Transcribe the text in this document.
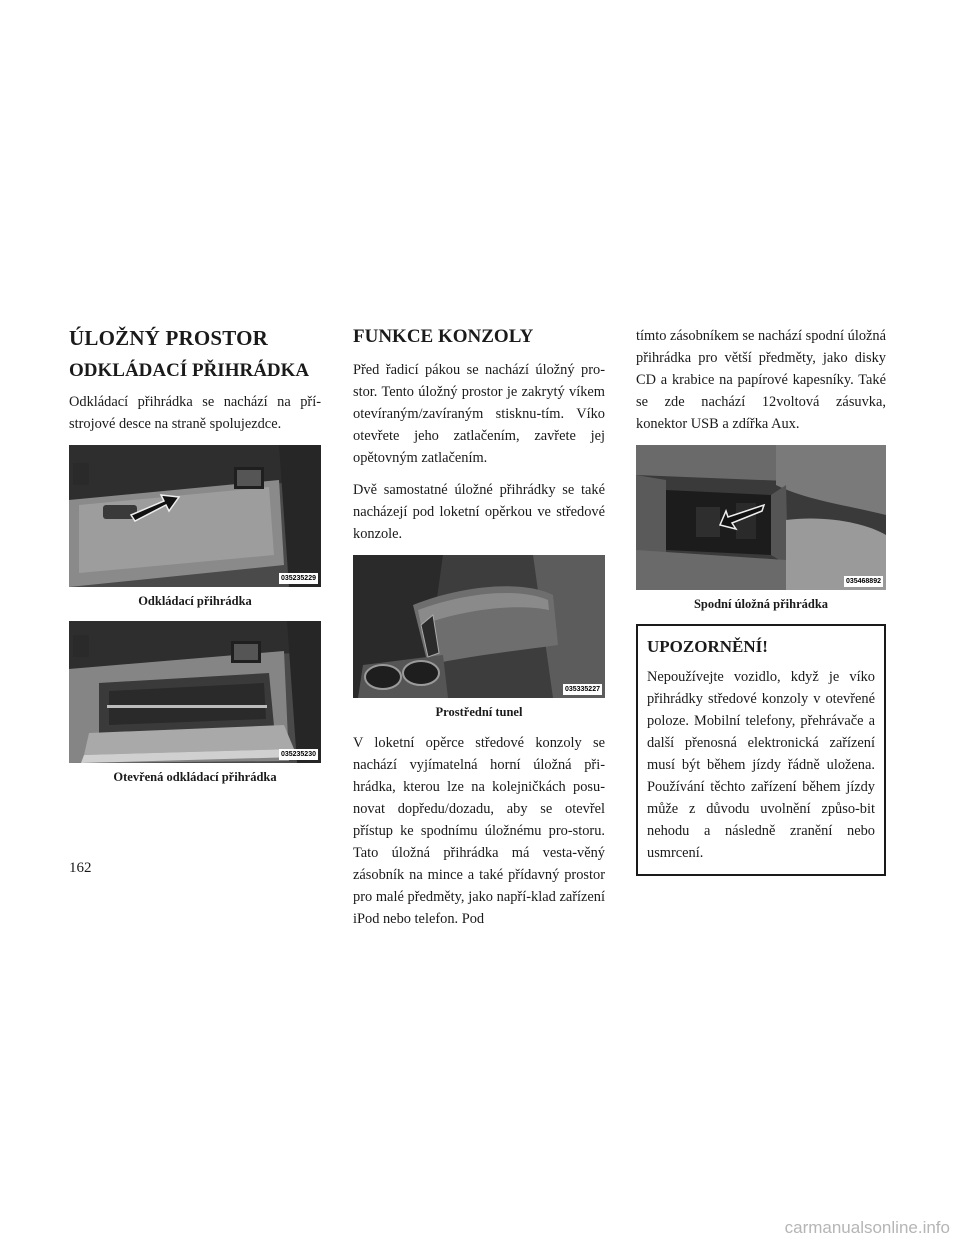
ÚLOŽNÝ PROSTOR
ODKLÁDACÍ PŘIHRÁDKA

Odkládací přihrádka se nachází na pří-strojové desce na straně spolujezdce.

035235229
Odkládací přihrádka
035235230
Otevřená odkládací přihrádka
FUNKCE KONZOLY

Před řadicí pákou se nachází úložný pro-stor. Tento úložný prostor je zakrytý víkem otevíraným/zavíraným stisknu-tím. Víko otevřete jeho zatlačením, zavřete jej opětovným zatlačením.

Dvě samostatné úložné přihrádky se také nacházejí pod loketní opěrkou ve středové konzole.

035335227
Prostřední tunel

V loketní opěrce středové konzoly se nachází vyjímatelná horní úložná při-hrádka, kterou lze na kolejničkách posu-novat dopředu/dozadu, aby se otevřel přístup ke spodnímu úložnému pro-storu. Tato úložná přihrádka má vesta-věný zásobník na mince a také přídavný prostor pro malé předměty, jako napří-klad zařízení iPod nebo telefon. Pod

tímto zásobníkem se nachází spodní úložná přihrádka pro větší předměty, jako disky CD a krabice na papírové kapesníky. Také se zde nachází 12voltová zásuvka, konektor USB a zdířka Aux.

035468892
Spodní úložná přihrádka
UPOZORNĚNÍ!

Nepoužívejte vozidlo, když je víko přihrádky středové konzoly v otevřené poloze. Mobilní telefony, přehrávače a další přenosná elektronická zařízení musí být během jízdy řádně uložena. Používání těchto zařízení během jízdy může z důvodu uvolnění způso-bit nehodu a následně zranění nebo usmrcení.

162
carmanualsonline.info
